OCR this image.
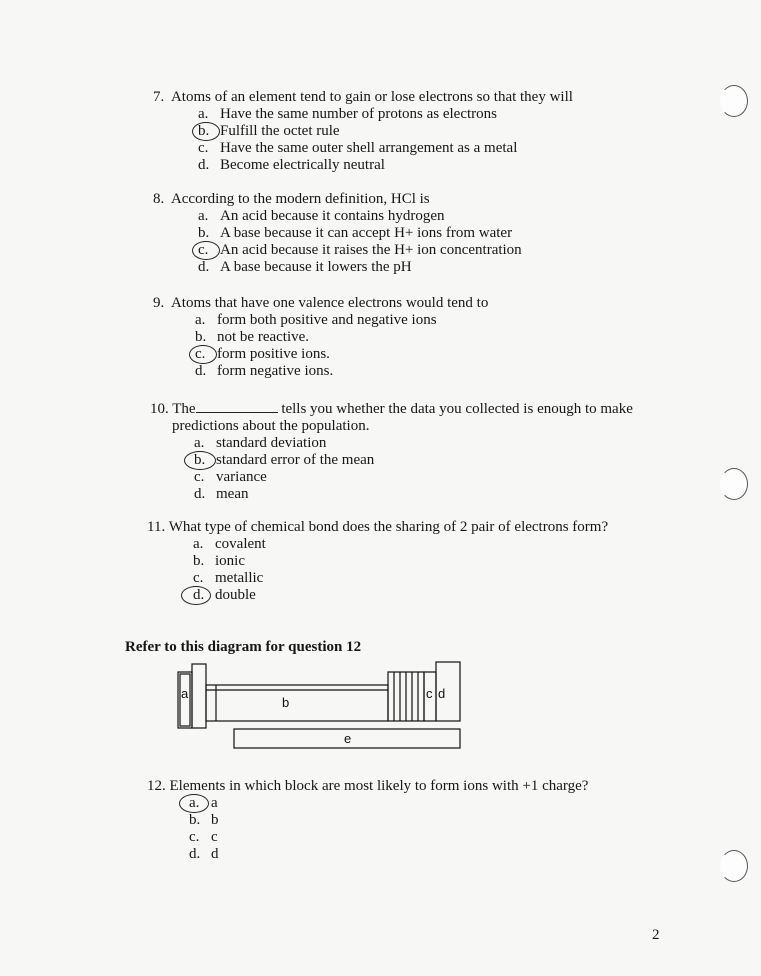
7. Atoms of an element tend to gain or lose electrons so that they will
a. Have the same number of protons as electrons
b. Fulfill the octet rule
c. Have the same outer shell arrangement as a metal
d. Become electrically neutral
8. According to the modern definition, HCl is
a. An acid because it contains hydrogen
b. A base because it can accept H+ ions from water
c. An acid because it raises the H+ ion concentration
d. A base because it lowers the pH
9. Atoms that have one valence electrons would tend to
a. form both positive and negative ions
b. not be reactive.
c. form positive ions.
d. form negative ions.
10. The	tells you whether the data you collected is enough to make
predictions about the population.
a. standard deviation
b. standard error of the mean
c. variance
d. mean
11. What type of chemical bond does the sharing of 2 pair of electrons form?
a. covalent
b. ionic
c. metallic
d. double
Refer to this diagram for question 12
a
b
c d
e
12. Elements in which block are most likely to form ions with +1 charge?
a. a
b. b
c. c
d. d
2
